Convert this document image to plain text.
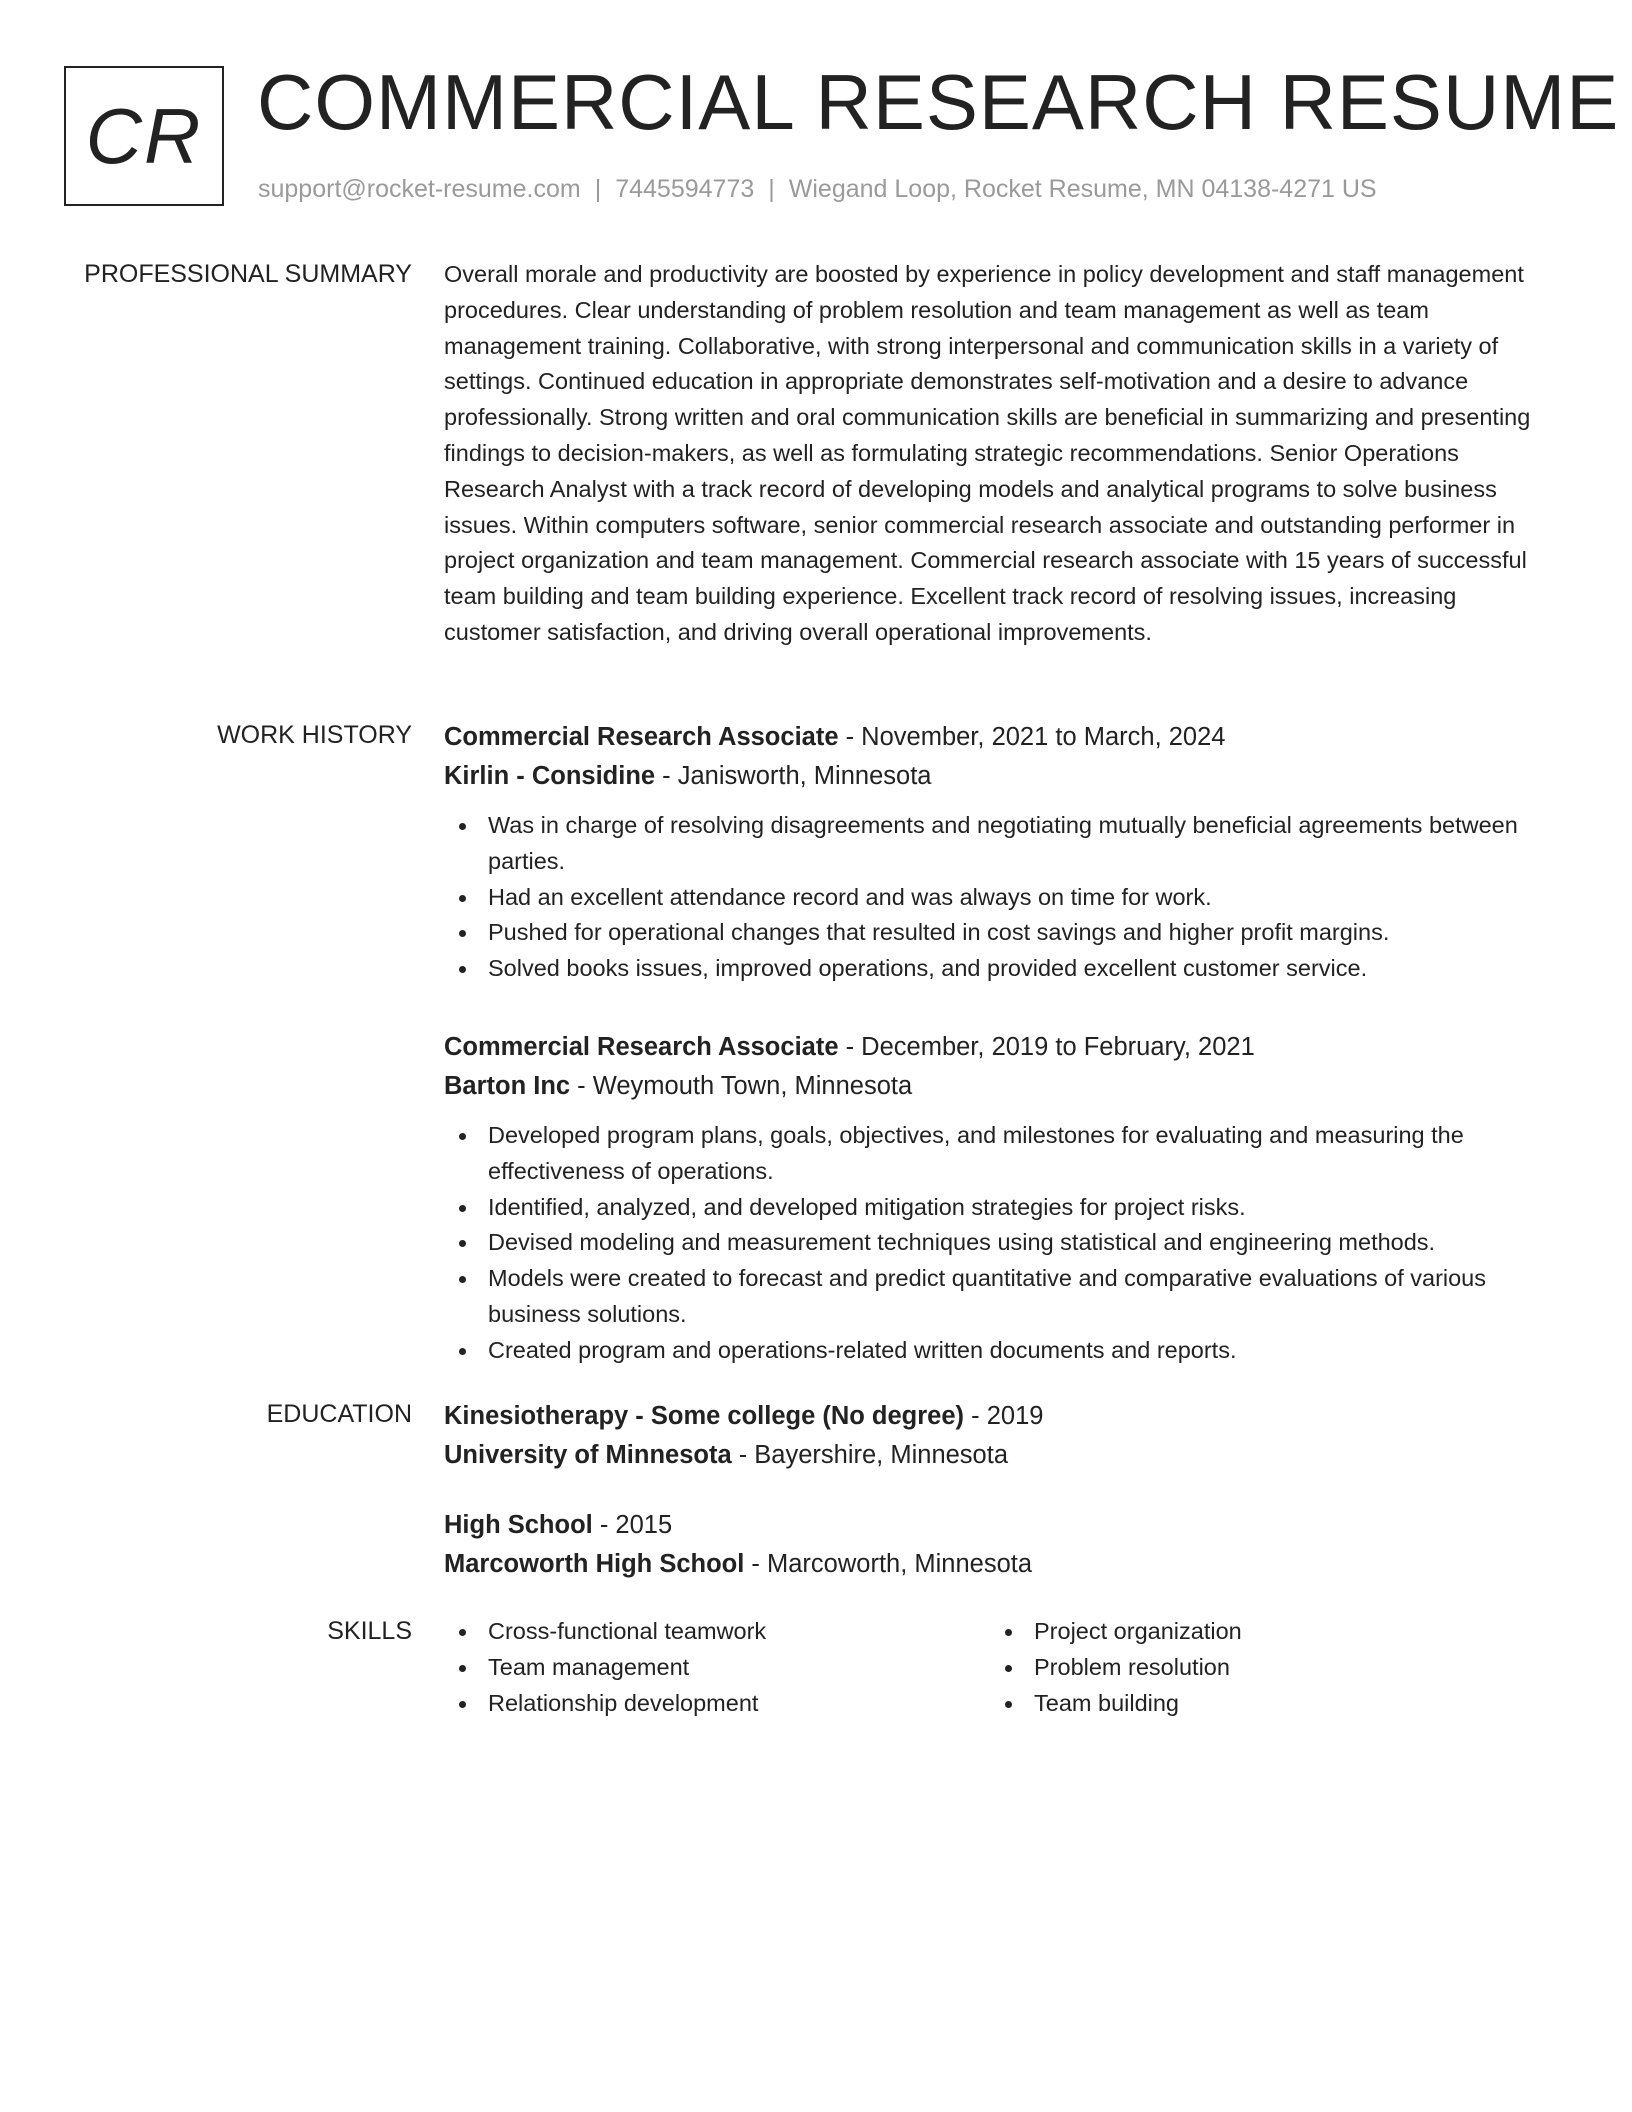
CR COMMERCIAL RESEARCH RESUME
support@rocket-resume.com | 7445594773 | Wiegand Loop, Rocket Resume, MN 04138-4271 US
PROFESSIONAL SUMMARY Overall morale and productivity are boosted by experience in policy development and staff management procedures. Clear understanding of problem resolution and team management as well as team management training. Collaborative, with strong interpersonal and communication skills in a variety of settings. Continued education in appropriate demonstrates self-motivation and a desire to advance professionally. Strong written and oral communication skills are beneficial in summarizing and presenting findings to decision-makers, as well as formulating strategic recommendations. Senior Operations Research Analyst with a track record of developing models and analytical programs to solve business issues. Within computers software, senior commercial research associate and outstanding performer in project organization and team management. Commercial research associate with 15 years of successful team building and team building experience. Excellent track record of resolving issues, increasing customer satisfaction, and driving overall operational improvements.

WORK HISTORY Commercial Research Associate - November, 2021 to March, 2024
Kirlin - Considine - Janisworth, Minnesota
Was in charge of resolving disagreements and negotiating mutually beneficial agreements between parties.
Had an excellent attendance record and was always on time for work.
Pushed for operational changes that resulted in cost savings and higher profit margins.
Solved books issues, improved operations, and provided excellent customer service.
Commercial Research Associate - December, 2019 to February, 2021
Barton Inc - Weymouth Town, Minnesota
Developed program plans, goals, objectives, and milestones for evaluating and measuring the effectiveness of operations.
Identified, analyzed, and developed mitigation strategies for project risks.
Devised modeling and measurement techniques using statistical and engineering methods.
Models were created to forecast and predict quantitative and comparative evaluations of various business solutions.
Created program and operations-related written documents and reports.
EDUCATION Kinesiotherapy - Some college (No degree) - 2019
University of Minnesota - Bayershire, Minnesota
High School - 2015
Marcoworth High School - Marcoworth, Minnesota
SKILLS	Cross-functional teamwork
Team management
Relationship development
Project organization
Problem resolution
Team building
